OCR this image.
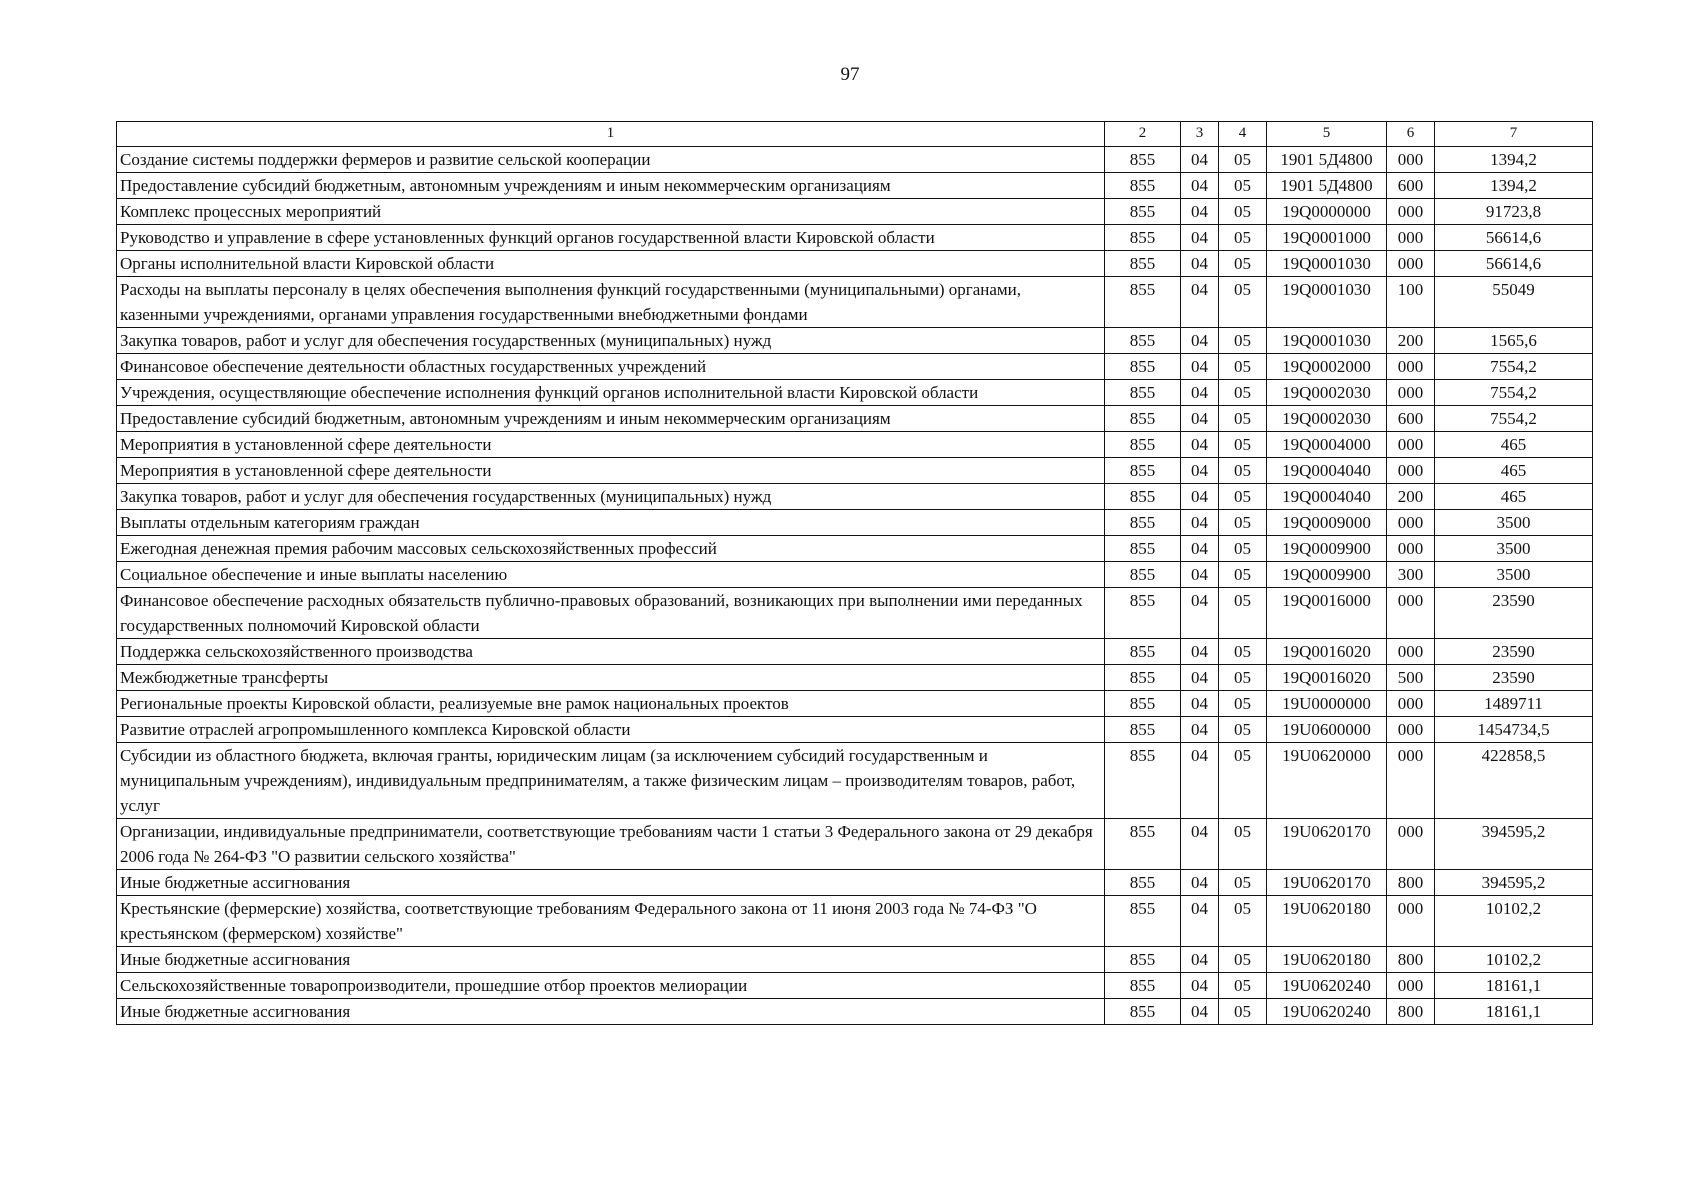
97
1	2	3	4	5	6	7
Создание системы поддержки фермеров и развитие сельской кооперации	855	04	05	1901 5Д4800	000	1394,2
Предоставление субсидий бюджетным, автономным учреждениям и иным некоммерческим организациям	855	04	05	1901 5Д4800	600	1394,2
Комплекс процессных мероприятий	855	04	05	19Q0000000	000	91723,8
Руководство и управление в сфере установленных функций органов государственной власти Кировской области	855	04	05	19Q0001000	000	56614,6
Органы исполнительной власти Кировской области	855	04	05	19Q0001030	000	56614,6
Расходы на выплаты персоналу в целях обеспечения выполнения функций государственными (муниципальными) органами, казенными учреждениями, органами управления государственными внебюджетными фондами	855	04	05	19Q0001030	100	55049
Закупка товаров, работ и услуг для обеспечения государственных (муниципальных) нужд	855	04	05	19Q0001030	200	1565,6
Финансовое обеспечение деятельности областных государственных учреждений	855	04	05	19Q0002000	000	7554,2
Учреждения, осуществляющие обеспечение исполнения функций органов исполнительной власти Кировской области	855	04	05	19Q0002030	000	7554,2
Предоставление субсидий бюджетным, автономным учреждениям и иным некоммерческим организациям	855	04	05	19Q0002030	600	7554,2
Мероприятия в установленной сфере деятельности	855	04	05	19Q0004000	000	465
Мероприятия в установленной сфере деятельности	855	04	05	19Q0004040	000	465
Закупка товаров, работ и услуг для обеспечения государственных (муниципальных) нужд	855	04	05	19Q0004040	200	465
Выплаты отдельным категориям граждан	855	04	05	19Q0009000	000	3500
Ежегодная денежная премия рабочим массовых сельскохозяйственных профессий	855	04	05	19Q0009900	000	3500
Социальное обеспечение и иные выплаты населению	855	04	05	19Q0009900	300	3500
Финансовое обеспечение расходных обязательств публично-правовых образований, возникающих при выполнении ими переданных государственных полномочий Кировской области	855	04	05	19Q0016000	000	23590
Поддержка сельскохозяйственного производства	855	04	05	19Q0016020	000	23590
Межбюджетные трансферты	855	04	05	19Q0016020	500	23590
Региональные проекты Кировской области, реализуемые вне рамок национальных проектов	855	04	05	19U0000000	000	1489711
Развитие отраслей агропромышленного комплекса Кировской области	855	04	05	19U0600000	000	1454734,5
Субсидии из областного бюджета, включая гранты, юридическим лицам (за исключением субсидий государственным и муниципальным учреждениям), индивидуальным предпринимателям, а также физическим лицам – производителям товаров, работ, услуг	855	04	05	19U0620000	000	422858,5
Организации, индивидуальные предприниматели, соответствующие требованиям части 1 статьи 3 Федерального закона от 29 декабря 2006 года № 264-ФЗ "О развитии сельского хозяйства"	855	04	05	19U0620170	000	394595,2
Иные бюджетные ассигнования	855	04	05	19U0620170	800	394595,2
Крестьянские (фермерские) хозяйства, соответствующие требованиям Федерального закона от 11 июня 2003 года № 74-ФЗ "О крестьянском (фермерском) хозяйстве"	855	04	05	19U0620180	000	10102,2
Иные бюджетные ассигнования	855	04	05	19U0620180	800	10102,2
Сельскохозяйственные товаропроизводители, прошедшие отбор проектов мелиорации	855	04	05	19U0620240	000	18161,1
Иные бюджетные ассигнования	855	04	05	19U0620240	800	18161,1
